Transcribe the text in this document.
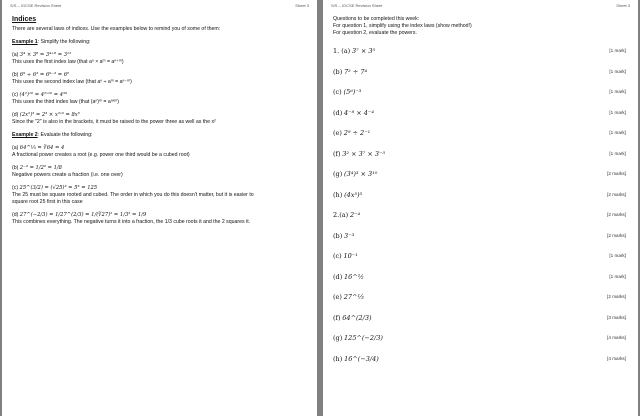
S/S – IGCSE Revision Sheet	Sheet 3
Indices
There are several laws of indices. Use the examples below to remind you of some of them:
Example 1: Simplify the following:
(a) 3⁴ × 3⁸ = 3⁴⁺⁸ = 3¹²
This uses the first index law (that aⁿ × aᵐ = aⁿ⁺ᵐ)
(b) 6⁹ ÷ 6³ = 6⁹⁻³ = 6⁶
This uses the second index law (that aⁿ ÷ aᵐ = aⁿ⁻ᵐ)
(c) (4²)¹⁰ = 4²ˣ¹⁰ = 4²⁰
This uses the third index law (that (aⁿ)ᵐ = aⁿˣᵐ)
(d) (2x²)³ = 2³ × x²ˣ³ = 8x⁶
Since the "2" is also in the brackets, it must be raised to the power three as well as the x²
Example 2: Evaluate the following:
(a) 64^⅓ = ∛64 = 4
A fractional power creates a root (e.g. power one third would be a cubed root)
(b) 2⁻³ = 1/2³ = 1/8
Negative powers create a fraction (i.e. one over)
(c) 25^(3/2) = (√25)³ = 5³ = 125
The 25 must be square rooted and cubed. The order in which you do this doesn't matter, but it is easier to
square root 25 first in this case
(d) 27^(−2/3) = 1/27^(2/3) = 1/(∛27)² = 1/3² = 1/9
This combines everything. The negative turns it into a fraction, the 1/3 cube roots it and the 2 squares it.
S/S – IGCSE Revision Sheet	Sheet 3
Questions to be completed this week:
For question 1, simplify using the index laws (show method!)
For question 2, evaluate the powers.
1. (a) 3⁷ × 3⁵	[1 mark]
(b) 7² ÷ 7⁴	[1 mark]
(c) (5⁶)⁻³	[1 mark]
(d) 4⁻⁸ × 4⁻⁴	[1 mark]
(e) 2⁹ ÷ 2⁻¹	[1 mark]
(f) 3² × 3⁷ × 3⁻⁵	[1 mark]
(g) (3⁴)³ × 3¹⁰	[2 marks]
(h) (4x³)³	[2 marks]
2.(a) 2⁻⁴	[2 marks]
(b) 3⁻³	[2 marks]
(c) 10⁻¹	[1 mark]
(d) 16^½	[1 mark]
(e) 27^⅓	[2 marks]
(f) 64^(2/3)	[3 marks]
(g) 125^(−2/3)	[4 marks]
(h) 16^(−3/4)	[4 marks]
